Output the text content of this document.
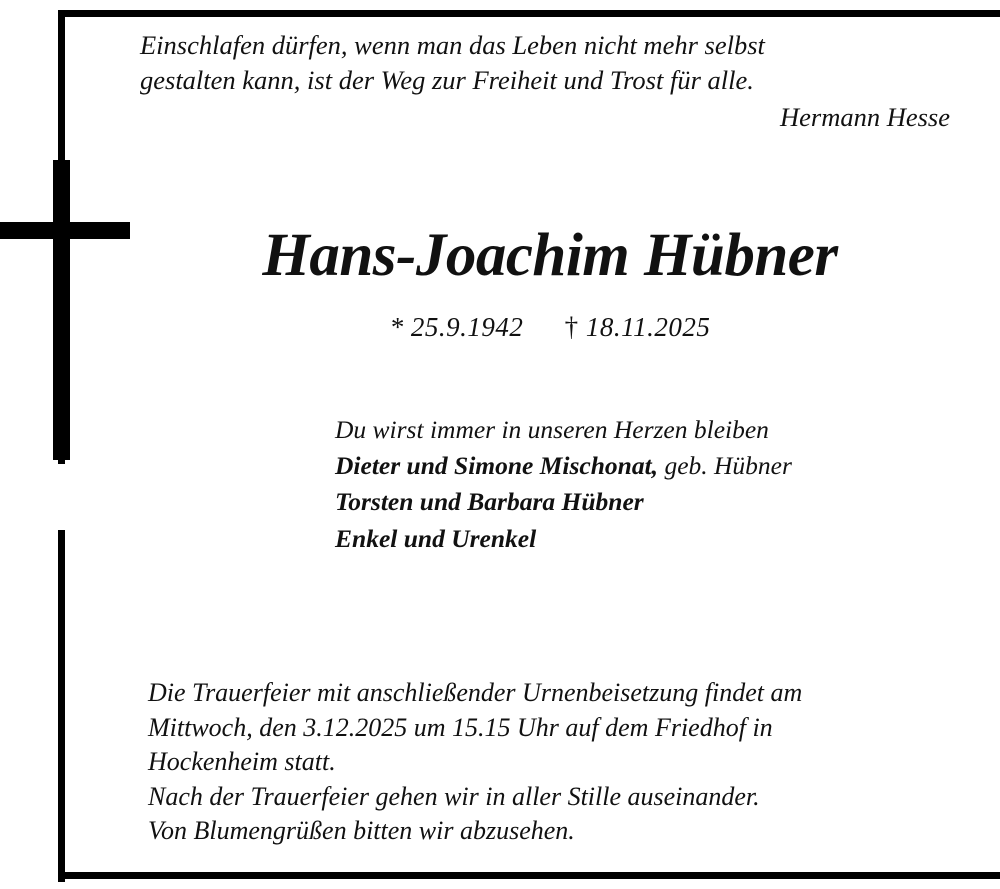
Einschlafen dürfen, wenn man das Leben nicht mehr selbst
gestalten kann, ist der Weg zur Freiheit und Trost für alle.
Hermann Hesse
Hans-Joachim Hübner
* 25.9.1942 † 18.11.2025
Du wirst immer in unseren Herzen bleiben
Dieter und Simone Mischonat, geb. Hübner
Torsten und Barbara Hübner
Enkel und Urenkel
Die Trauerfeier mit anschließender Urnenbeisetzung findet am
Mittwoch, den 3.12.2025 um 15.15 Uhr auf dem Friedhof in
Hockenheim statt.
Nach der Trauerfeier gehen wir in aller Stille auseinander.
Von Blumengrüßen bitten wir abzusehen.
